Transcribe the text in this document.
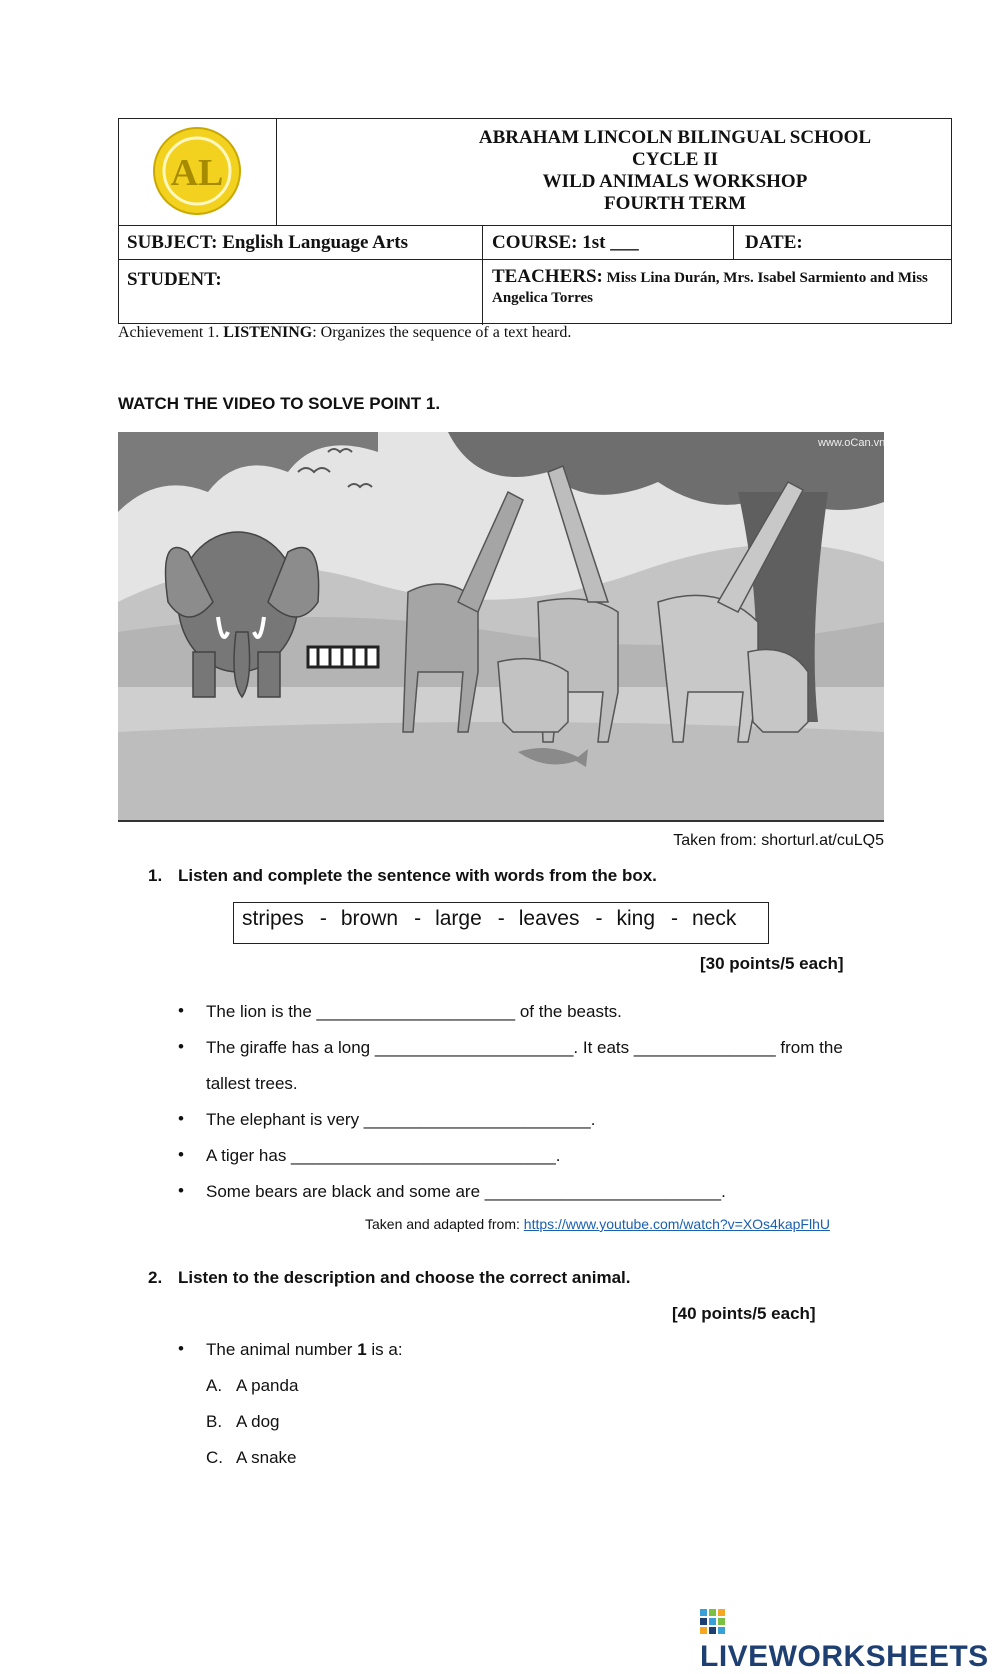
AL
ABRAHAM LINCOLN BILINGUAL SCHOOL
CYCLE II
WILD ANIMALS WORKSHOP
FOURTH TERM
SUBJECT: English Language Arts	COURSE: 1st ___	DATE:
STUDENT:	TEACHERS: Miss Lina Durán, Mrs. Isabel Sarmiento and Miss Angelica Torres
Achievement 1. LISTENING: Organizes the sequence of a text heard.
WATCH THE VIDEO TO SOLVE POINT 1.
www.oCan.vn
Taken from: shorturl.at/cuLQ5
1. Listen and complete the sentence with words from the box.
stripes - brown - large - leaves - king - neck
[30 points/5 each]
• The lion is the _____________________ of the beasts.
• The giraffe has a long _____________________. It eats _______________ from the
tallest trees.
• The elephant is very ________________________.
• A tiger has ____________________________.
• Some bears are black and some are _________________________.
Taken and adapted from: https://www.youtube.com/watch?v=XOs4kapFlhU
2. Listen to the description and choose the correct animal.
[40 points/5 each]
• The animal number 1 is a:
A. A panda
B. A dog
C. A snake
LIVEWORKSHEETS
